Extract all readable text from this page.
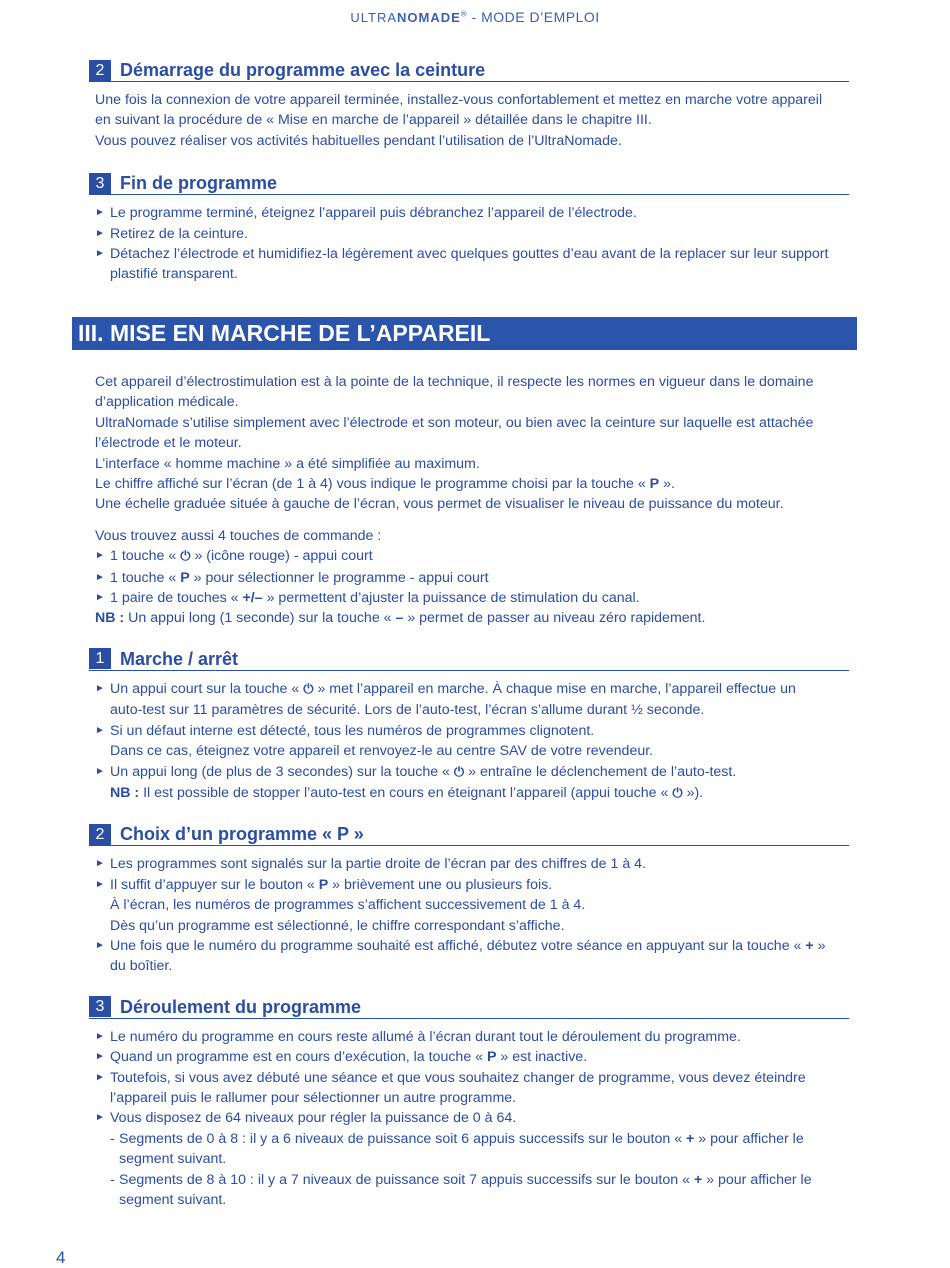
ULTRANOMADE® - MODE D’EMPLOI
2 Démarrage du programme avec la ceinture

Une fois la connexion de votre appareil terminée, installez-vous confortablement et mettez en marche votre appareil

en suivant la procédure de « Mise en marche de l’appareil » détaillée dans le chapitre III.

Vous pouvez réaliser vos activités habituelles pendant l’utilisation de l’UltraNomade.

3 Fin de programme
► Le programme terminé, éteignez l’appareil puis débranchez l’appareil de l’électrode.
► Retirez de la ceinture.
► Détachez l’électrode et humidifiez-la légèrement avec quelques gouttes d’eau avant de la replacer sur leur support
plastifié transparent.
III. MISE EN MARCHE DE L’APPAREIL

Cet appareil d’électrostimulation est à la pointe de la technique, il respecte les normes en vigueur dans le domaine

d’application médicale.

UltraNomade s’utilise simplement avec l’électrode et son moteur, ou bien avec la ceinture sur laquelle est attachée

l’électrode et le moteur.

L’interface « homme machine » a été simplifiée au maximum.

Le chiffre affiché sur l’écran (de 1 à 4) vous indique le programme choisi par la touche « P ».

Une échelle graduée située à gauche de l’écran, vous permet de visualiser le niveau de puissance du moteur.

Vous trouvez aussi 4 touches de commande :

► 1 touche « ⏻ » (icône rouge) - appui court
► 1 touche « P » pour sélectionner le programme - appui court
► 1 paire de touches « +/– » permettent d’ajuster la puissance de stimulation du canal.

NB : Un appui long (1 seconde) sur la touche « – » permet de passer au niveau zéro rapidement.

1 Marche / arrêt
► Un appui court sur la touche « ⏻ » met l’appareil en marche. À chaque mise en marche, l’appareil effectue un
auto-test sur 11 paramètres de sécurité. Lors de l’auto-test, l’écran s’allume durant ½ seconde.
► Si un défaut interne est détecté, tous les numéros de programmes clignotent.
Dans ce cas, éteignez votre appareil et renvoyez-le au centre SAV de votre revendeur.
► Un appui long (de plus de 3 secondes) sur la touche « ⏻ » entraîne le déclenchement de l’auto-test.
NB : Il est possible de stopper l’auto-test en cours en éteignant l’appareil (appui touche « ⏻ »).
2 Choix d’un programme « P »
► Les programmes sont signalés sur la partie droite de l’écran par des chiffres de 1 à 4.
► Il suffit d’appuyer sur le bouton « P » brièvement une ou plusieurs fois.
À l’écran, les numéros de programmes s’affichent successivement de 1 à 4.
Dès qu’un programme est sélectionné, le chiffre correspondant s’affiche.
► Une fois que le numéro du programme souhaité est affiché, débutez votre séance en appuyant sur la touche « + »
du boîtier.
3 Déroulement du programme
► Le numéro du programme en cours reste allumé à l’écran durant tout le déroulement du programme.
► Quand un programme est en cours d’exécution, la touche « P » est inactive.
► Toutefois, si vous avez débuté une séance et que vous souhaitez changer de programme, vous devez éteindre
l’appareil puis le rallumer pour sélectionner un autre programme.
► Vous disposez de 64 niveaux pour régler la puissance de 0 à 64.
- Segments de 0 à 8 : il y a 6 niveaux de puissance soit 6 appuis successifs sur le bouton « + » pour afficher le
segment suivant.
- Segments de 8 à 10 : il y a 7 niveaux de puissance soit 7 appuis successifs sur le bouton « + » pour afficher le
segment suivant.
4
